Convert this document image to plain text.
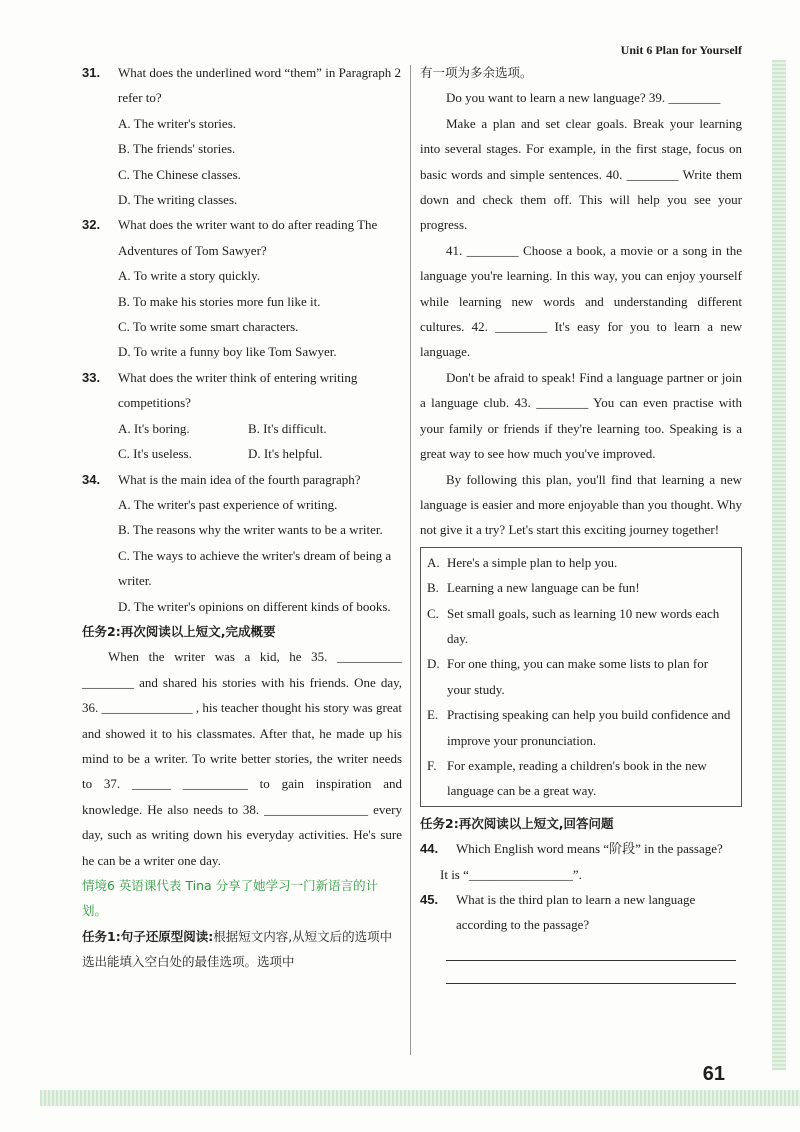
Unit 6 Plan for Yourself
61
31. What does the underlined word “them” in Paragraph 2 refer to?
A. The writer's stories.
B. The friends' stories.
C. The Chinese classes.
D. The writing classes.
32. What does the writer want to do after reading The Adventures of Tom Sawyer?
A. To write a story quickly.
B. To make his stories more fun like it.
C. To write some smart characters.
D. To write a funny boy like Tom Sawyer.
33. What does the writer think of entering writing competitions?
A. It's boring.	B. It's difficult.
C. It's useless.	D. It's helpful.
34. What is the main idea of the fourth paragraph?
A. The writer's past experience of writing.
B. The reasons why the writer wants to be a writer.
C. The ways to achieve the writer's dream of being a writer.
D. The writer's opinions on different kinds of books.
任务2:再次阅读以上短文,完成概要
When the writer was a kid, he 35. __________ ________ and shared his stories with his friends. One day, 36. ______________ , his teacher thought his story was great and showed it to his classmates. After that, he made up his mind to be a writer. To write better stories, the writer needs to 37. ______ __________ to gain inspiration and knowledge. He also needs to 38. ________________ every day, such as writing down his everyday activities. He's sure he can be a writer one day.
情境6 英语课代表 Tina 分享了她学习一门新语言的计划。
任务1:句子还原型阅读:根据短文内容,从短文后的选项中选出能填入空白处的最佳选项。选项中
有一项为多余选项。
Do you want to learn a new language? 39. ________
Make a plan and set clear goals. Break your learning into several stages. For example, in the first stage, focus on basic words and simple sentences. 40. ________ Write them down and check them off. This will help you see your progress.
41. ________ Choose a book, a movie or a song in the language you're learning. In this way, you can enjoy yourself while learning new words and understanding different cultures. 42. ________ It's easy for you to learn a new language.
Don't be afraid to speak! Find a language partner or join a language club. 43. ________ You can even practise with your family or friends if they're learning too. Speaking is a great way to see how much you've improved.
By following this plan, you'll find that learning a new language is easier and more enjoyable than you thought. Why not give it a try? Let's start this exciting journey together!
A. Here's a simple plan to help you.
B. Learning a new language can be fun!
C. Set small goals, such as learning 10 new words each day.
D. For one thing, you can make some lists to plan for your study.
E. Practising speaking can help you build confidence and improve your pronunciation.
F. For example, reading a children's book in the new language can be a great way.
任务2:再次阅读以上短文,回答问题
44. Which English word means “阶段” in the passage?
It is “________________”.
45. What is the third plan to learn a new language according to the passage?
